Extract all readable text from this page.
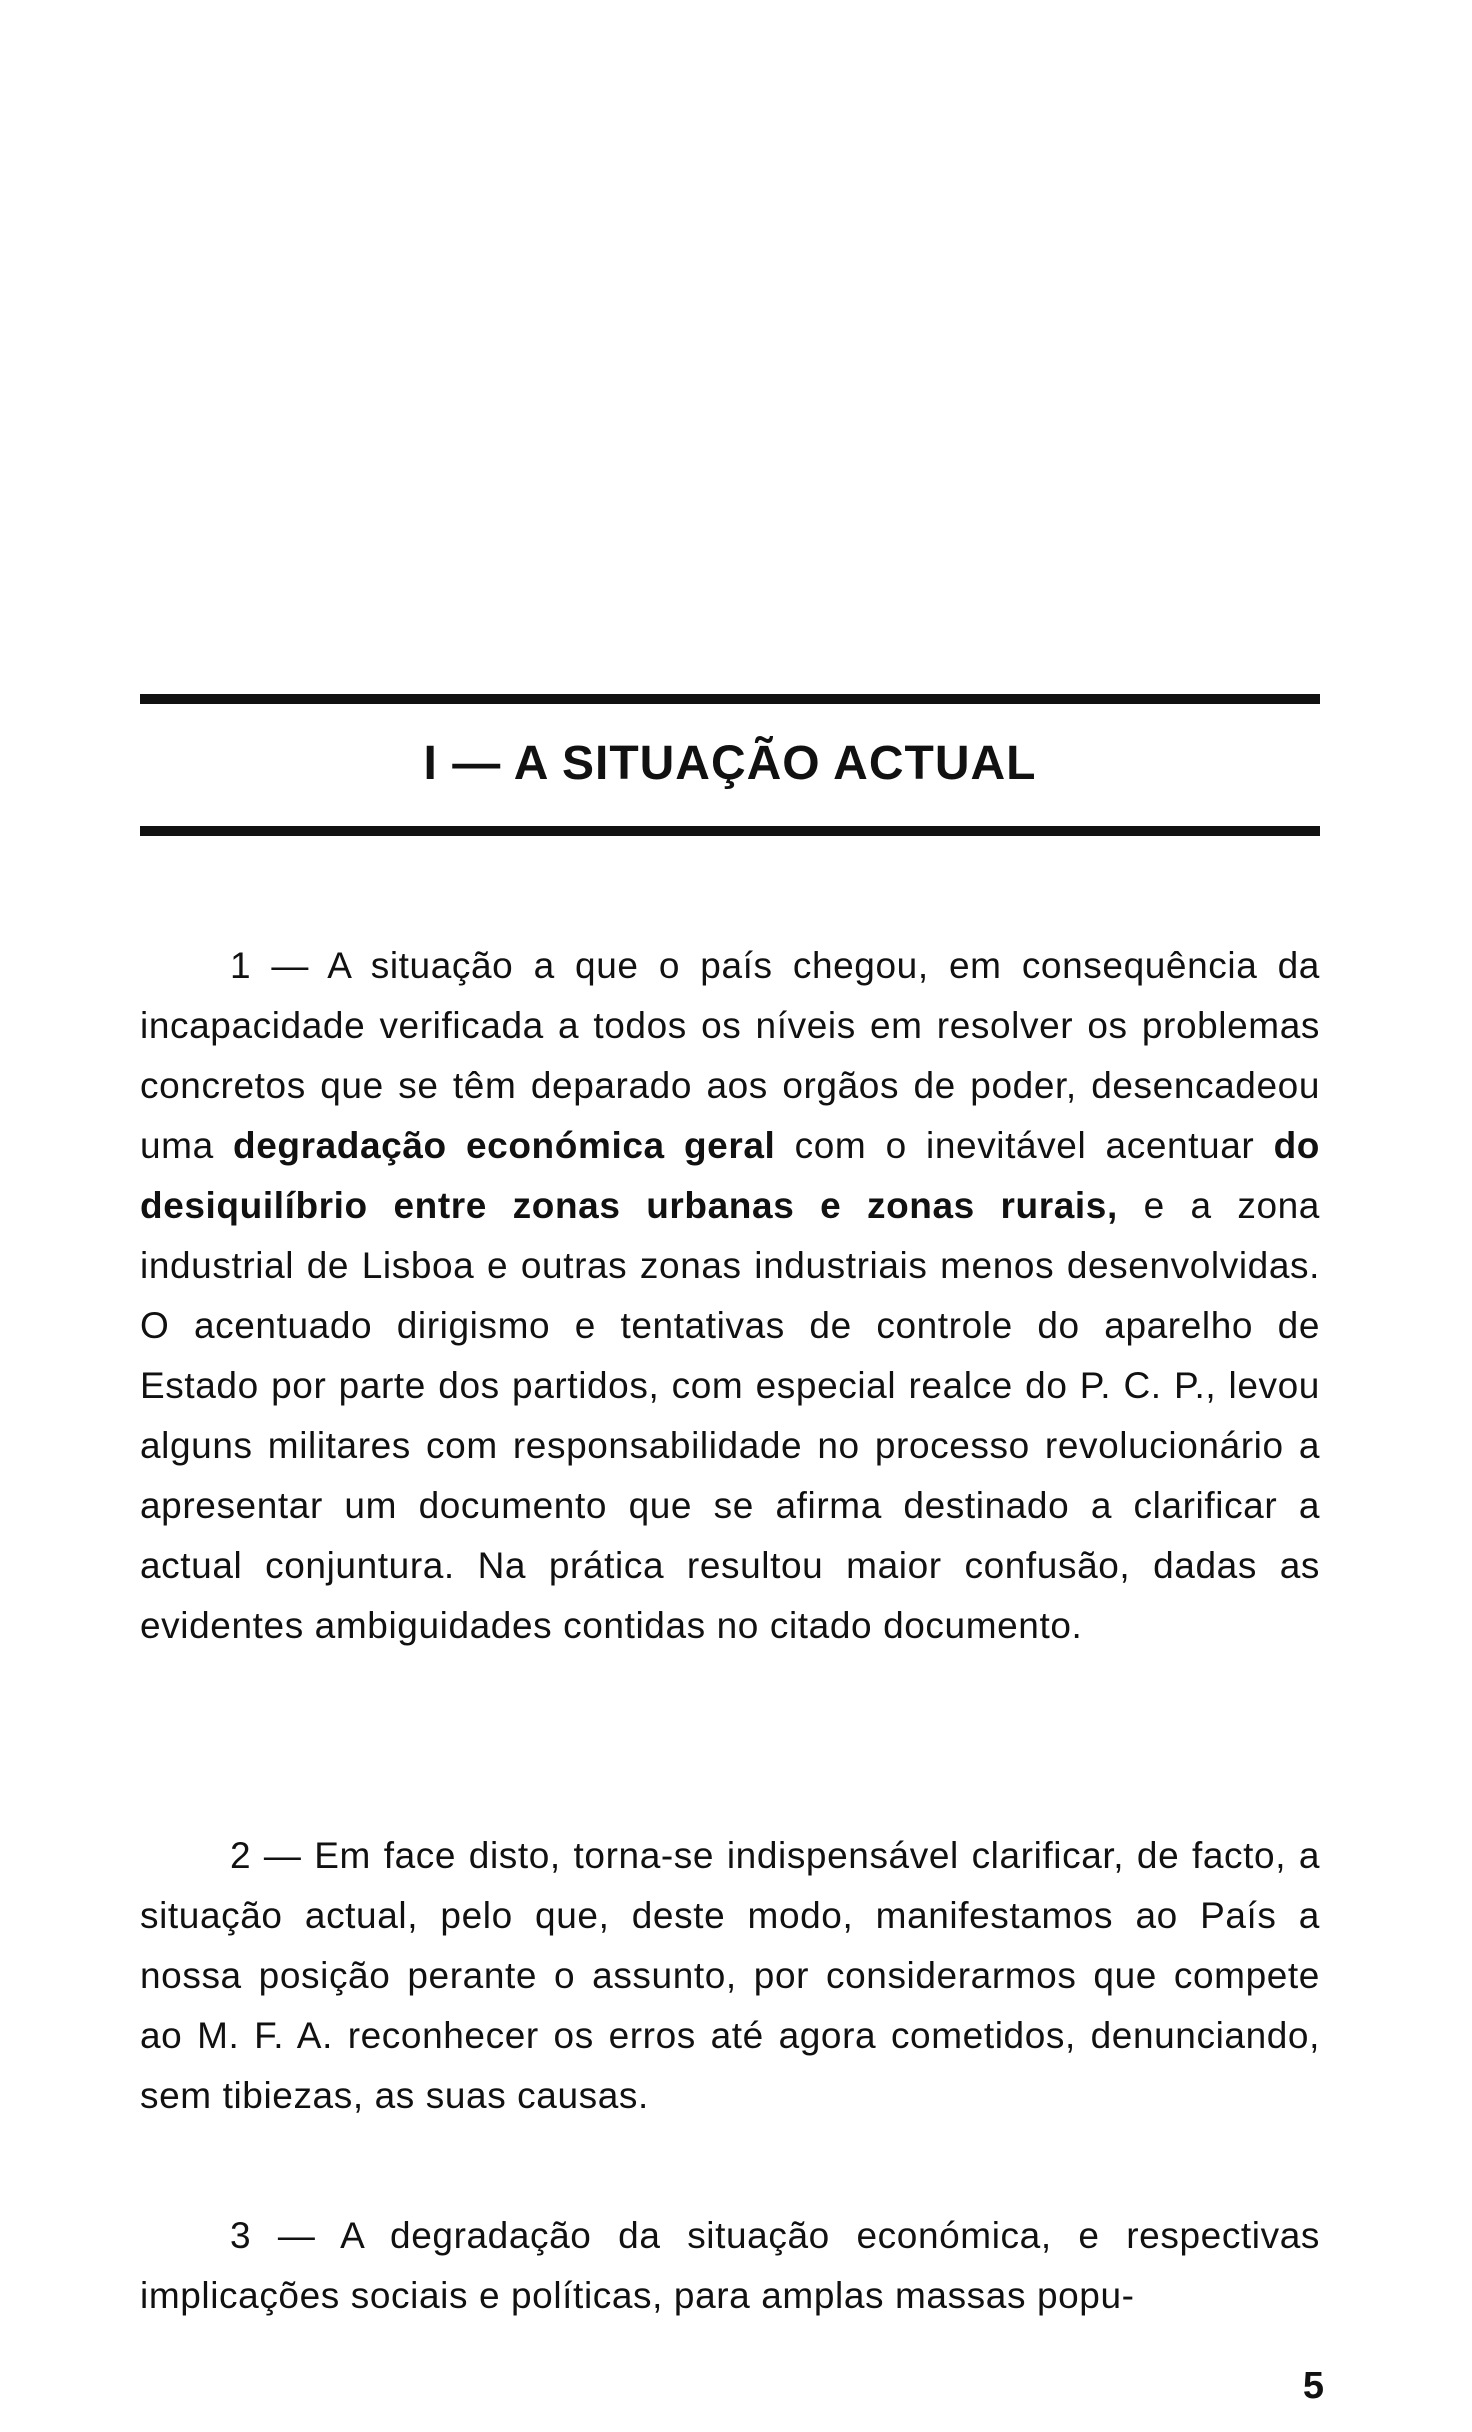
I — A SITUAÇÃO ACTUAL

1 — A situação a que o país chegou, em consequência da incapacidade verificada a todos os níveis em resolver os problemas concretos que se têm deparado aos orgãos de poder, desencadeou uma degradação económica geral com o inevitável acentuar do desiquilíbrio entre zonas urbanas e zonas rurais, e a zona industrial de Lisboa e outras zonas industriais menos desenvolvidas. O acentuado dirigismo e tentativas de controle do aparelho de Estado por parte dos partidos, com especial realce do P. C. P., levou alguns militares com responsabilidade no processo revolucionário a apresentar um documento que se afirma destinado a clarificar a actual conjuntura. Na prática resultou maior confusão, dadas as evidentes ambiguidades contidas no citado documento.

2 — Em face disto, torna-se indispensável clarificar, de facto, a situação actual, pelo que, deste modo, manifestamos ao País a nossa posição perante o assunto, por considerarmos que compete ao M. F. A. reconhecer os erros até agora cometidos, denunciando, sem tibiezas, as suas causas.

3 — A degradação da situação económica, e respectivas implicações sociais e políticas, para amplas massas popu-

5
